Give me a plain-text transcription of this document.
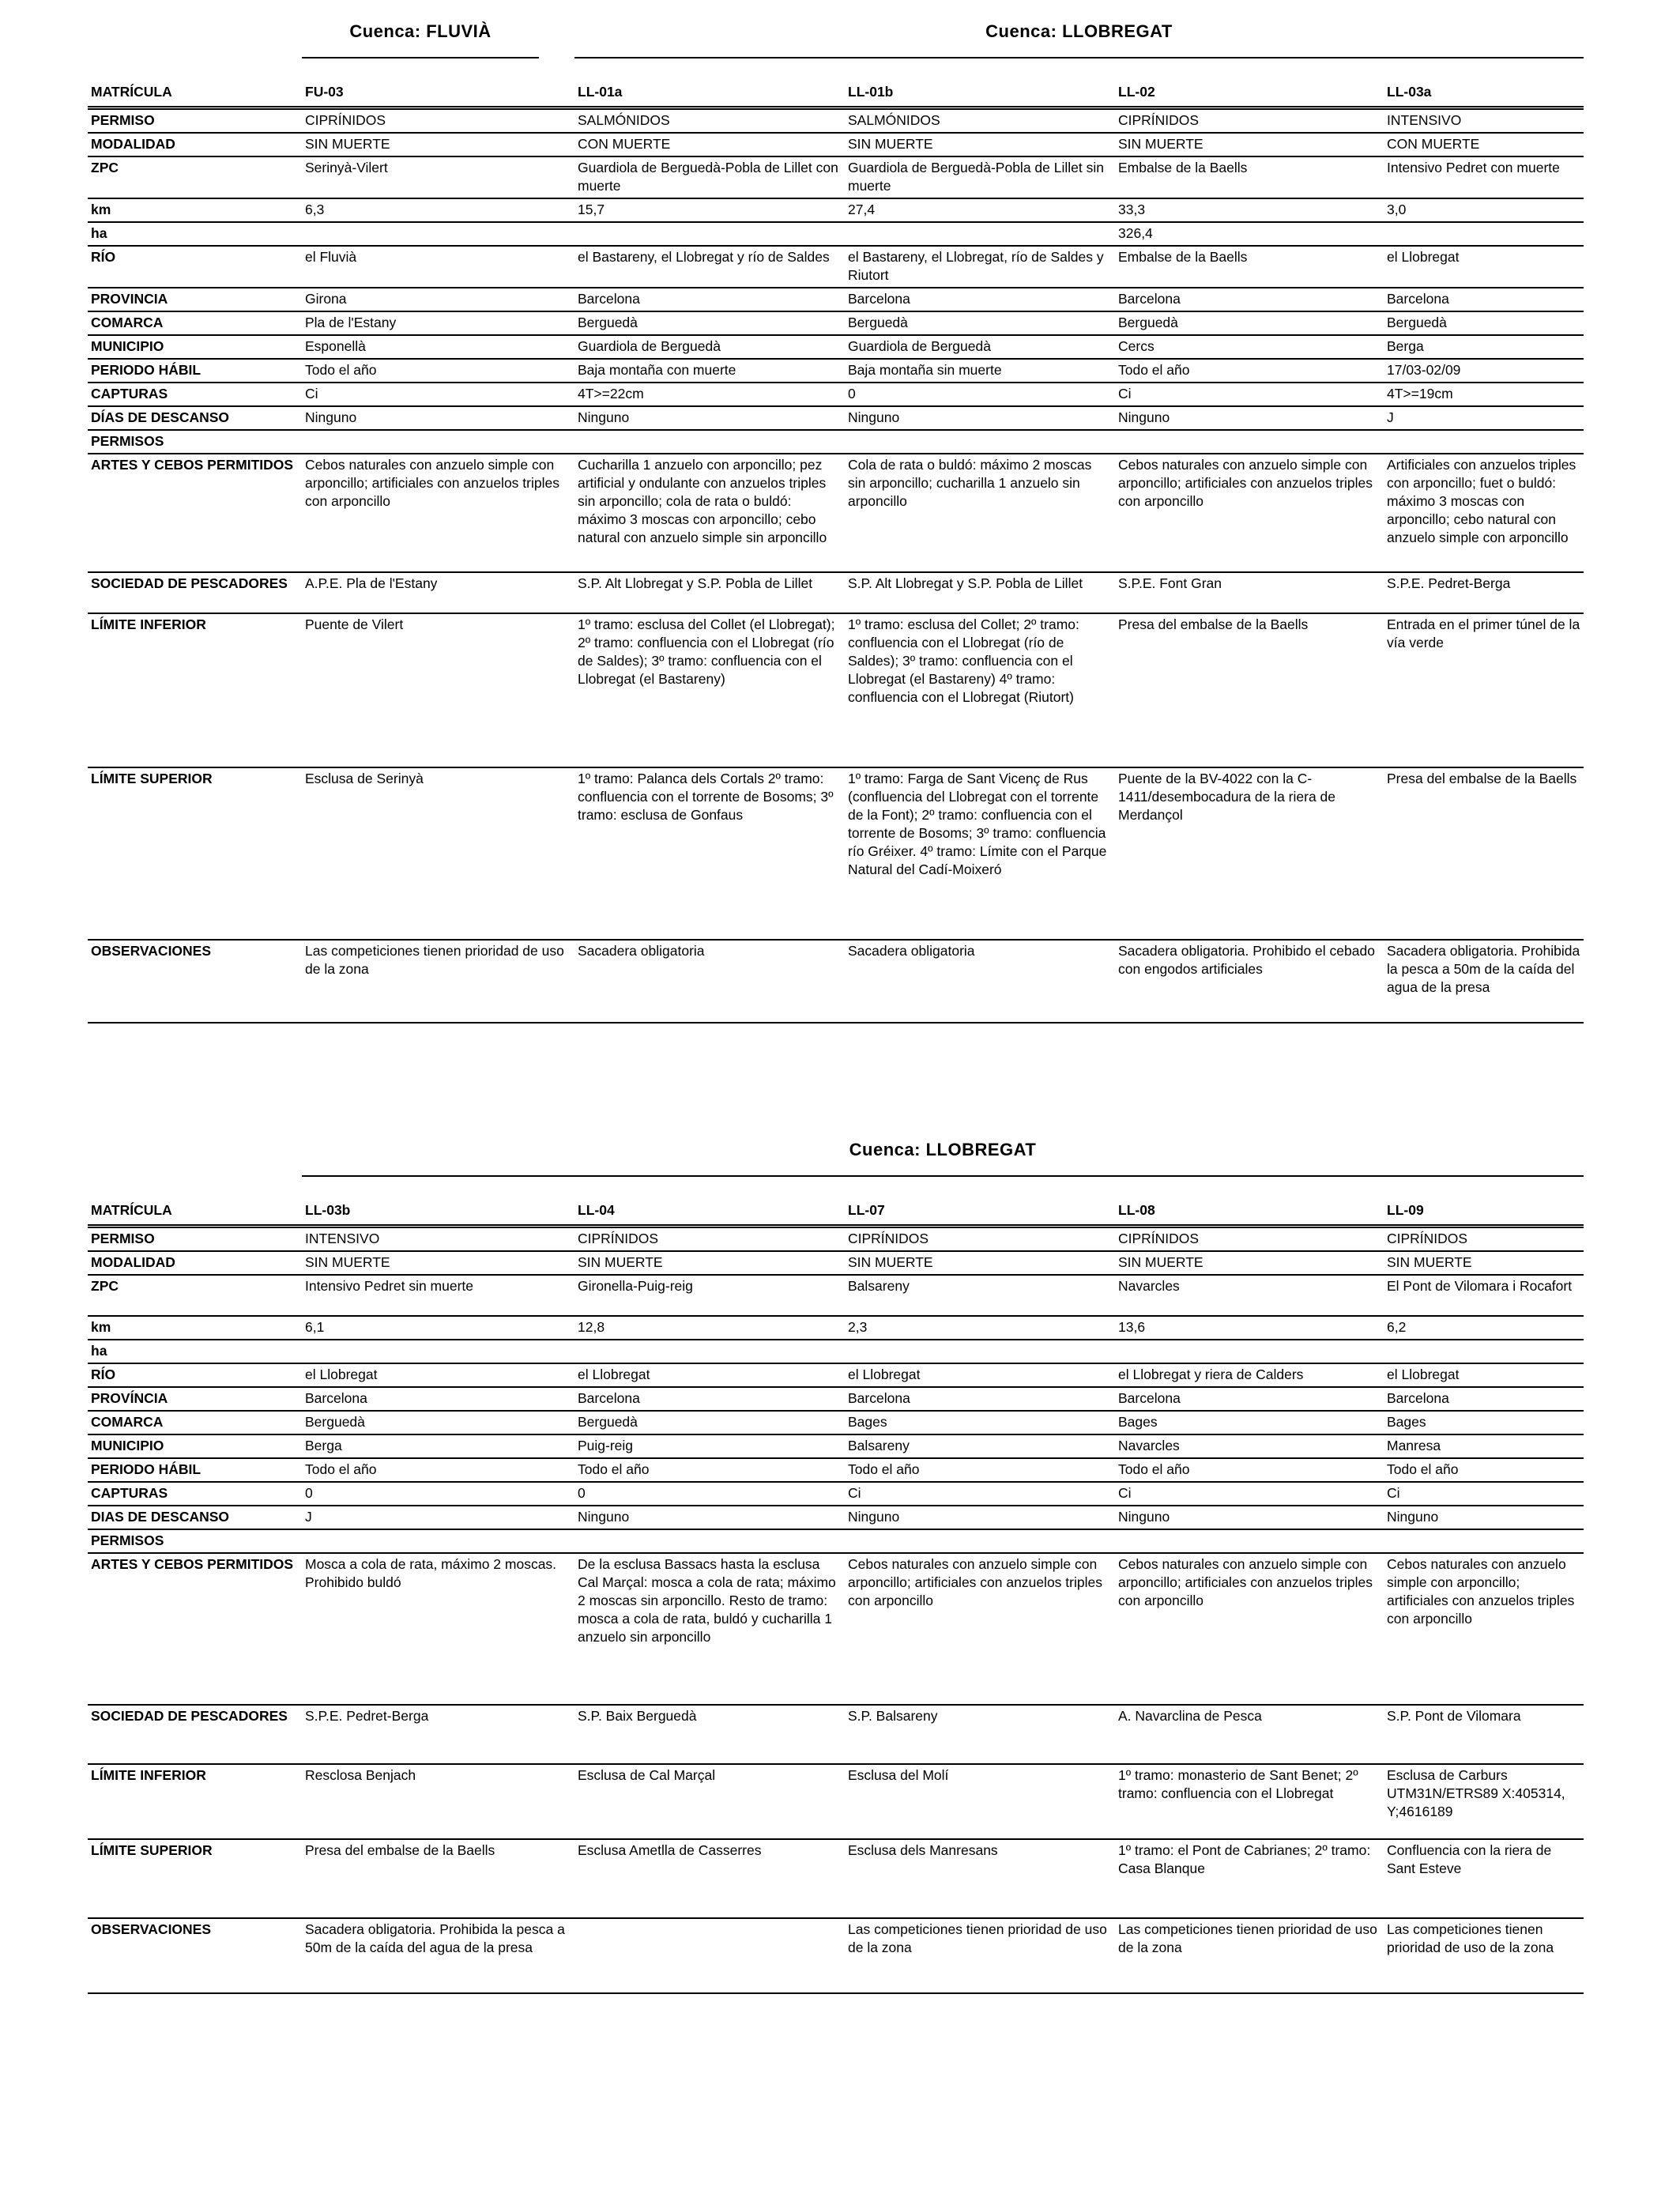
Cuenca: FLUVIÀ	Cuenca: LLOBREGAT
MATRÍCULA	FU-03	LL-01a	LL-01b	LL-02	LL-03a	
PERMISO	CIPRÍNIDOS	SALMÓNIDOS	SALMÓNIDOS	CIPRÍNIDOS	INTENSIVO	
MODALIDAD	SIN MUERTE	CON MUERTE	SIN MUERTE	SIN MUERTE	CON MUERTE	
ZPC	Serinyà-Vilert	Guardiola de Berguedà-Pobla de Lillet con muerte	Guardiola de Berguedà-Pobla de Lillet sin muerte	Embalse de la Baells	Intensivo Pedret con muerte	
km	6,3	15,7	27,4	33,3	3,0	
ha				326,4		
RÍO	el Fluvià	el Bastareny, el Llobregat y río de Saldes	el Bastareny, el Llobregat, río de Saldes y Riutort	Embalse de la Baells	el Llobregat	
PROVINCIA	Girona	Barcelona	Barcelona	Barcelona	Barcelona	
COMARCA	Pla de l'Estany	Berguedà	Berguedà	Berguedà	Berguedà	
MUNICIPIO	Esponellà	Guardiola de Berguedà	Guardiola de Berguedà	Cercs	Berga	
PERIODO HÁBIL	Todo el año	Baja montaña con muerte	Baja montaña sin muerte	Todo el año	17/03-02/09	
CAPTURAS	Ci	4T>=22cm	0	Ci	4T>=19cm	
DÍAS DE DESCANSO	Ninguno	Ninguno	Ninguno	Ninguno	J	
PERMISOS						
ARTES Y CEBOS PERMITIDOS	Cebos naturales con anzuelo simple con arponcillo; artificiales con anzuelos triples con arponcillo	Cucharilla 1 anzuelo con arponcillo; pez artificial y ondulante con anzuelos triples sin arponcillo; cola de rata o buldó: máximo 3 moscas con arponcillo; cebo natural con anzuelo simple sin arponcillo	Cola de rata o buldó: máximo 2 moscas sin arponcillo; cucharilla 1 anzuelo sin arponcillo	Cebos naturales con anzuelo simple con arponcillo; artificiales con anzuelos triples con arponcillo	Artificiales con anzuelos triples con arponcillo; fuet o buldó: máximo 3 moscas con arponcillo; cebo natural con anzuelo simple con arponcillo	
SOCIEDAD DE PESCADORES	A.P.E. Pla de l'Estany	S.P. Alt Llobregat y S.P. Pobla de Lillet	S.P. Alt Llobregat y S.P. Pobla de Lillet	S.P.E. Font Gran	S.P.E. Pedret-Berga	
LÍMITE INFERIOR	Puente de Vilert	1º tramo: esclusa del Collet (el Llobregat); 2º tramo: confluencia con el Llobregat (río de Saldes); 3º tramo: confluencia con el Llobregat (el Bastareny)	1º tramo: esclusa del Collet; 2º tramo: confluencia con el Llobregat (río de Saldes); 3º tramo: confluencia con el Llobregat (el Bastareny) 4º tramo: confluencia con el Llobregat (Riutort)	Presa del embalse de la Baells	Entrada en el primer túnel de la vía verde	
LÍMITE SUPERIOR	Esclusa de Serinyà	1º tramo: Palanca dels Cortals 2º tramo: confluencia con el torrente de Bosoms; 3º tramo: esclusa de Gonfaus	1º tramo: Farga de Sant Vicenç de Rus (confluencia del Llobregat con el torrente de la Font); 2º tramo: confluencia con el torrente de Bosoms; 3º tramo: confluencia río Gréixer. 4º tramo: Límite con el Parque Natural del Cadí-Moixeró	Puente de la BV-4022 con la C-1411/desembocadura de la riera de Merdançol	Presa del embalse de la Baells	
OBSERVACIONES	Las competiciones tienen prioridad de uso de la zona	Sacadera obligatoria	Sacadera obligatoria	Sacadera obligatoria. Prohibido el cebado con engodos artificiales	Sacadera obligatoria. Prohibida la pesca a 50m de la caída del agua de la presa	
Cuenca: LLOBREGAT
MATRÍCULA	LL-03b	LL-04	LL-07	LL-08	LL-09	
PERMISO	INTENSIVO	CIPRÍNIDOS	CIPRÍNIDOS	CIPRÍNIDOS	CIPRÍNIDOS	
MODALIDAD	SIN MUERTE	SIN MUERTE	SIN MUERTE	SIN MUERTE	SIN MUERTE	
ZPC	Intensivo Pedret sin muerte	Gironella-Puig-reig	Balsareny	Navarcles	El Pont de Vilomara i Rocafort	
km	6,1	12,8	2,3	13,6	6,2	
ha						
RÍO	el Llobregat	el Llobregat	el Llobregat	el Llobregat y riera de Calders	el Llobregat	
PROVÍNCIA	Barcelona	Barcelona	Barcelona	Barcelona	Barcelona	
COMARCA	Berguedà	Berguedà	Bages	Bages	Bages	
MUNICIPIO	Berga	Puig-reig	Balsareny	Navarcles	Manresa	
PERIODO HÁBIL	Todo el año	Todo el año	Todo el año	Todo el año	Todo el año	
CAPTURAS	0	0	Ci	Ci	Ci	
DIAS DE DESCANSO	J	Ninguno	Ninguno	Ninguno	Ninguno	
PERMISOS						
ARTES Y CEBOS PERMITIDOS	Mosca a cola de rata, máximo 2 moscas. Prohibido buldó	De la esclusa Bassacs hasta la esclusa Cal Marçal: mosca a cola de rata; máximo 2 moscas sin arponcillo. Resto de tramo: mosca a cola de rata, buldó y cucharilla 1 anzuelo sin arponcillo	Cebos naturales con anzuelo simple con arponcillo; artificiales con anzuelos triples con arponcillo	Cebos naturales con anzuelo simple con arponcillo; artificiales con anzuelos triples con arponcillo	Cebos naturales con anzuelo simple con arponcillo; artificiales con anzuelos triples con arponcillo	
SOCIEDAD DE PESCADORES	S.P.E. Pedret-Berga	S.P. Baix Berguedà	S.P. Balsareny	A. Navarclina de Pesca	S.P. Pont de Vilomara	
LÍMITE INFERIOR	Resclosa Benjach	Esclusa de Cal Marçal	Esclusa del Molí	1º tramo: monasterio de Sant Benet; 2º tramo: confluencia con el Llobregat	Esclusa de Carburs UTM31N/ETRS89 X:405314, Y;4616189	
LÍMITE SUPERIOR	Presa del embalse de la Baells	Esclusa Ametlla de Casserres	Esclusa dels Manresans	1º tramo: el Pont de Cabrianes; 2º tramo: Casa Blanque	Confluencia con la riera de Sant Esteve	
OBSERVACIONES	Sacadera obligatoria. Prohibida la pesca a 50m de la caída del agua de la presa		Las competiciones tienen prioridad de uso de la zona	Las competiciones tienen prioridad de uso de la zona	Las competiciones tienen prioridad de uso de la zona	
